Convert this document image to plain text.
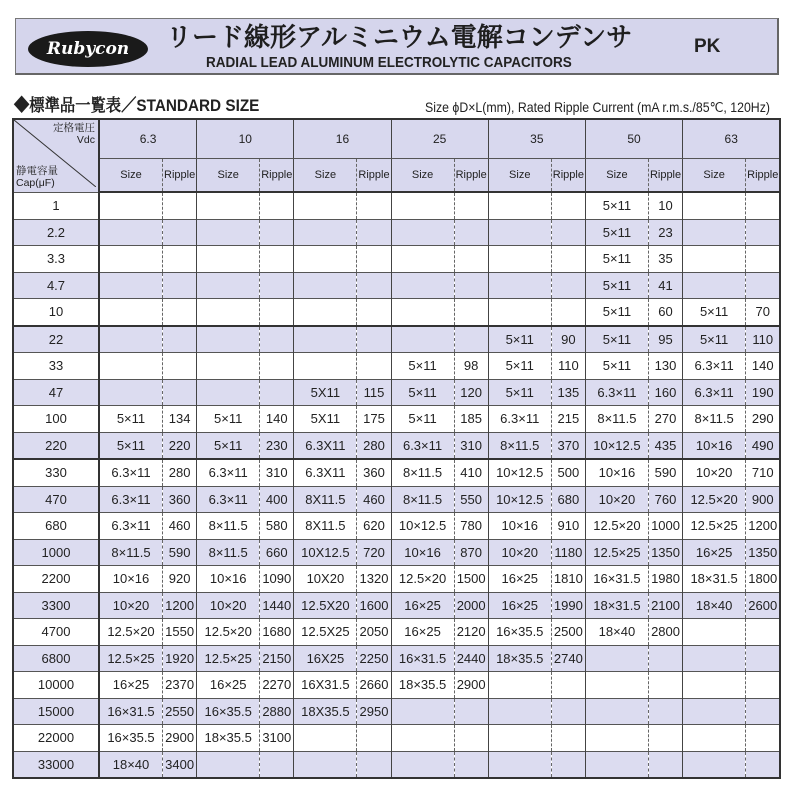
Rubycon	リード線形アルミニウム電解コンデンサ
RADIAL LEAD ALUMINUM ELECTROLYTIC CAPACITORS
PK
◆標準品一覧表／STANDARD SIZE	Size ϕD×L(mm), Rated Ripple Current (mA r.m.s./85℃, 120Hz)
定格電圧
Vdc
静電容量
Cap(μF)	6.3		10		16		25		35		50		63	
	Size	Ripple	Size	Ripple	Size	Ripple	Size	Ripple	Size	Ripple	Size	Ripple	Size	Ripple
1											5×11	10		
2.2											5×11	23		
3.3											5×11	35		
4.7											5×11	41		
10											5×11	60	5×11	70
22									5×11	90	5×11	95	5×11	110
33							5×11	98	5×11	110	5×11	130	6.3×11	140
47					5X11	115	5×11	120	5×11	135	6.3×11	160	6.3×11	190
100	5×11	134	5×11	140	5X11	175	5×11	185	6.3×11	215	8×11.5	270	8×11.5	290
220	5×11	220	5×11	230	6.3X11	280	6.3×11	310	8×11.5	370	10×12.5	435	10×16	490
330	6.3×11	280	6.3×11	310	6.3X11	360	8×11.5	410	10×12.5	500	10×16	590	10×20	710
470	6.3×11	360	6.3×11	400	8X11.5	460	8×11.5	550	10×12.5	680	10×20	760	12.5×20	900
680	6.3×11	460	8×11.5	580	8X11.5	620	10×12.5	780	10×16	910	12.5×20	1000	12.5×25	1200
1000	8×11.5	590	8×11.5	660	10X12.5	720	10×16	870	10×20	1180	12.5×25	1350	16×25	1350
2200	10×16	920	10×16	1090	10X20	1320	12.5×20	1500	16×25	1810	16×31.5	1980	18×31.5	1800
3300	10×20	1200	10×20	1440	12.5X20	1600	16×25	2000	16×25	1990	18×31.5	2100	18×40	2600
4700	12.5×20	1550	12.5×20	1680	12.5X25	2050	16×25	2120	16×35.5	2500	18×40	2800		
6800	12.5×25	1920	12.5×25	2150	16X25	2250	16×31.5	2440	18×35.5	2740				
10000	16×25	2370	16×25	2270	16X31.5	2660	18×35.5	2900						
15000	16×31.5	2550	16×35.5	2880	18X35.5	2950								
22000	16×35.5	2900	18×35.5	3100										
33000	18×40	3400												
